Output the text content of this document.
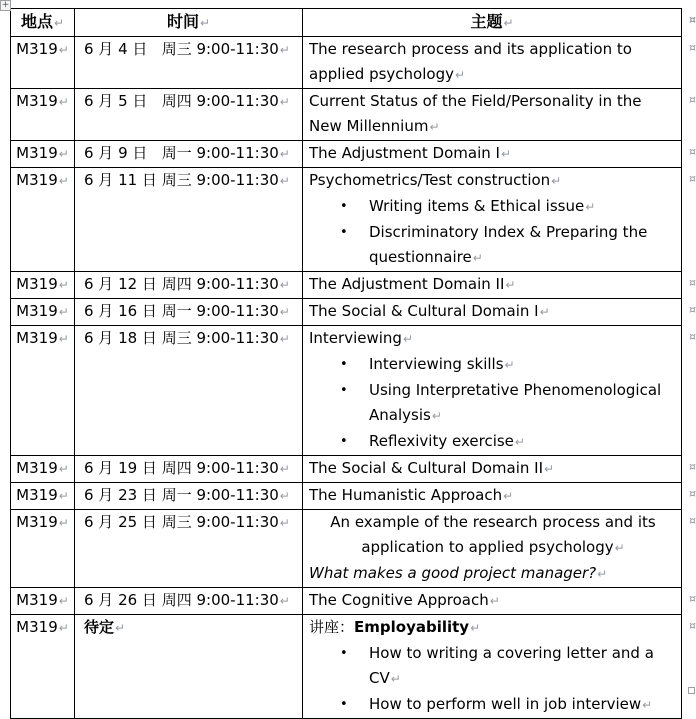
+
地点↵	时间↵	主题↵ ¤

M319↵	6 月 4 日   周三 9:00-11:30↵	The research process and its application to applied psychology↵
¤

M319↵	6 月 5 日   周四 9:00-11:30↵	Current Status of the Field/Personality in the New Millennium↵
¤

M319↵	6 月 9 日   周一 9:00-11:30↵	The Adjustment Domain I↵ ¤

M319↵	6 月 11 日 周三 9:00-11:30↵	Psychometrics/Test construction↵
• Writing items & Ethical issue↵
• Discriminatory Index & Preparing the questionnaire↵
¤

M319↵	6 月 12 日 周四 9:00-11:30↵	The Adjustment Domain II↵ ¤

M319↵	6 月 16 日 周一 9:00-11:30↵	The Social & Cultural Domain I↵ ¤

M319↵	6 月 18 日 周三 9:00-11:30↵	Interviewing↵
• Interviewing skills↵
• Using Interpretative Phenomenological Analysis↵
• Reflexivity exercise↵
¤

M319↵	6 月 19 日 周四 9:00-11:30↵	The Social & Cultural Domain II↵ ¤

M319↵	6 月 23 日 周一 9:00-11:30↵	The Humanistic Approach↵ ¤

M319↵	6 月 25 日 周三 9:00-11:30↵	An example of the research process and its application to applied psychology↵
What makes a good project manager?↵
¤

M319↵	6 月 26 日 周四 9:00-11:30↵	The Cognitive Approach↵ ¤

M319↵	待定↵	讲座：Employability↵
• How to writing a covering letter and a CV↵
• How to perform well in job interview↵
¤
